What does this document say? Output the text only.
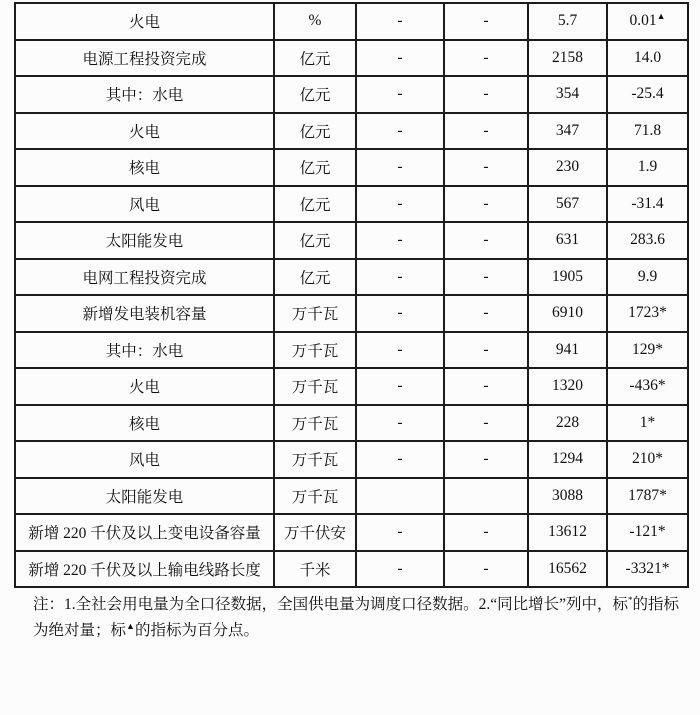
火电	%	-	-	5.7	0.01▲
电源工程投资完成	亿元	-	-	2158	14.0
其中：水电	亿元	-	-	354	-25.4
火电	亿元	-	-	347	71.8
核电	亿元	-	-	230	1.9
风电	亿元	-	-	567	-31.4
太阳能发电	亿元	-	-	631	283.6
电网工程投资完成	亿元	-	-	1905	9.9
新增发电装机容量	万千瓦	-	-	6910	1723*
其中：水电	万千瓦	-	-	941	129*
火电	万千瓦	-	-	1320	-436*
核电	万千瓦	-	-	228	1*
风电	万千瓦	-	-	1294	210*
太阳能发电	万千瓦			3088	1787*
新增 220 千伏及以上变电设备容量	万千伏安	-	-	13612	-121*
新增 220 千伏及以上输电线路长度	千米	-	-	16562	-3321*
注：1.全社会用电量为全口径数据，全国供电量为调度口径数据。2.“同比增长”列中，标*的指标
为绝对量；标▲的指标为百分点。
